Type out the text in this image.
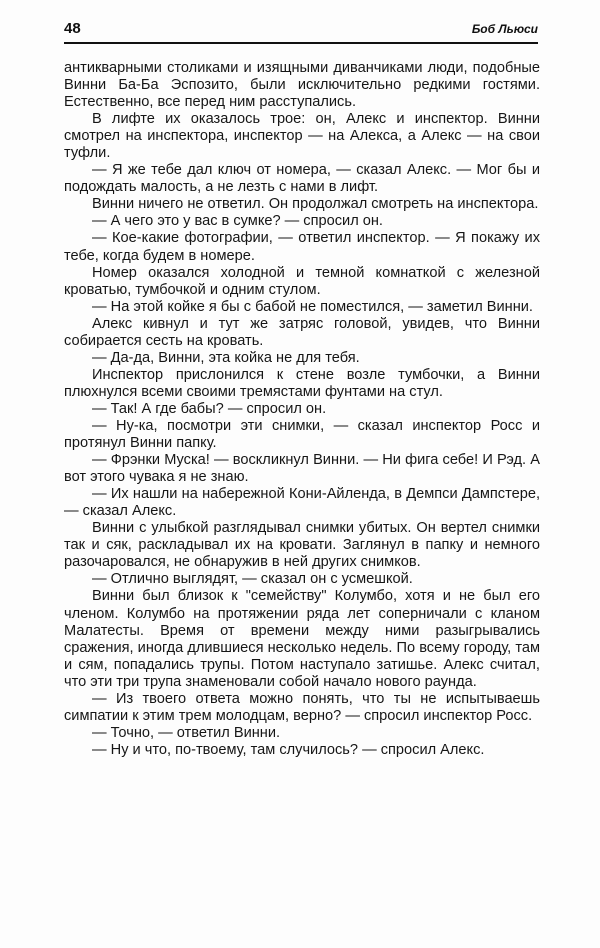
48	Боб Льюси

антикварными столиками и изящными диванчиками люди, подобные Винни Ба-Ба Эспозито, были исключительно редкими гостями. Естественно, все перед ним расступались.

В лифте их оказалось трое: он, Алекс и инспектор. Винни смотрел на инспектора, инспектор — на Алекса, а Алекс — на свои туфли.

— Я же тебе дал ключ от номера, — сказал Алекс. — Мог бы и подождать малость, а не лезть с нами в лифт.

Винни ничего не ответил. Он продолжал смотреть на инспектора.

— А чего это у вас в сумке? — спросил он.

— Кое-какие фотографии, — ответил инспектор. — Я покажу их тебе, когда будем в номере.

Номер оказался холодной и темной комнаткой с железной кроватью, тумбочкой и одним стулом.

— На этой койке я бы с бабой не поместился, — заметил Винни.

Алекс кивнул и тут же затряс головой, увидев, что Винни собирается сесть на кровать.

— Да-да, Винни, эта койка не для тебя.

Инспектор прислонился к стене возле тумбочки, а Винни плюхнулся всеми своими тремястами фунтами на стул.

— Так! А где бабы? — спросил он.

— Ну-ка, посмотри эти снимки, — сказал инспектор Росс и протянул Винни папку.

— Фрэнки Муска! — воскликнул Винни. — Ни фига себе! И Рэд. А вот этого чувака я не знаю.

— Их нашли на набережной Кони-Айленда, в Демпси Дампстере, — сказал Алекс.

Винни с улыбкой разглядывал снимки убитых. Он вертел снимки так и сяк, раскладывал их на кровати. Заглянул в папку и немного разочаровался, не обнаружив в ней других снимков.

— Отлично выглядят, — сказал он с усмешкой.

Винни был близок к "семейству" Колумбо, хотя и не был его членом. Колумбо на протяжении ряда лет соперничали с кланом Малатесты. Время от времени между ними разыгрывались сражения, иногда длившиеся несколько недель. По всему городу, там и сям, попадались трупы. Потом наступало затишье. Алекс считал, что эти три трупа знаменовали собой начало нового раунда.

— Из твоего ответа можно понять, что ты не испытываешь симпатии к этим трем молодцам, верно? — спросил инспектор Росс.

— Точно, — ответил Винни.

— Ну и что, по-твоему, там случилось? — спросил Алекс.
